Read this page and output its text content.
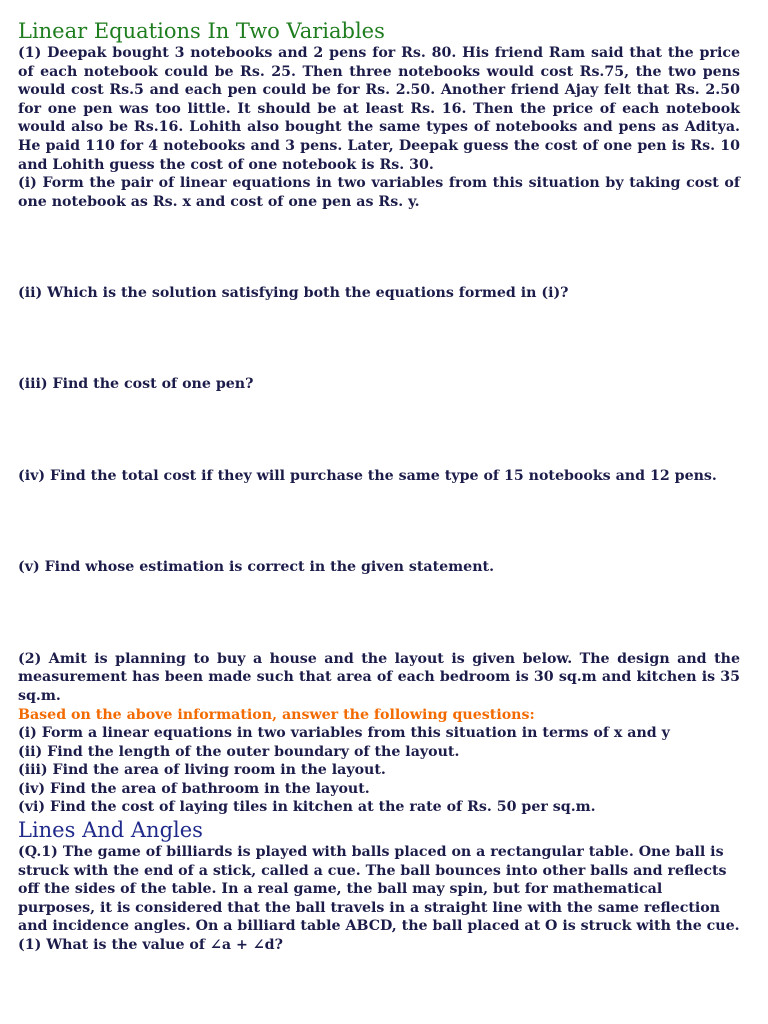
Linear Equations In Two Variables

(1) Deepak bought 3 notebooks and 2 pens for Rs. 80. His friend Ram said that the price of each notebook could be Rs. 25. Then three notebooks would cost Rs.75, the two pens would cost Rs.5 and each pen could be for Rs. 2.50. Another friend Ajay felt that Rs. 2.50 for one pen was too little. It should be at least Rs. 16. Then the price of each notebook would also be Rs.16. Lohith also bought the same types of notebooks and pens as Aditya. He paid 110 for 4 notebooks and 3 pens. Later, Deepak guess the cost of one pen is Rs. 10 and Lohith guess the cost of one notebook is Rs. 30.

(i) Form the pair of linear equations in two variables from this situation by taking cost of one notebook as Rs. x and cost of one pen as Rs. y.

(ii) Which is the solution satisfying both the equations formed in (i)?

(iii) Find the cost of one pen?

(iv) Find the total cost if they will purchase the same type of 15 notebooks and 12 pens.

(v) Find whose estimation is correct in the given statement.

(2) Amit is planning to buy a house and the layout is given below. The design and the measurement has been made such that area of each bedroom is 30 sq.m and kitchen is 35 sq.m.

Based on the above information, answer the following questions:

(i) Form a linear equations in two variables from this situation in terms of x and y

(ii) Find the length of the outer boundary of the layout.

(iii) Find the area of living room in the layout.

(iv) Find the area of bathroom in the layout.

(vi) Find the cost of laying tiles in kitchen at the rate of Rs. 50 per sq.m.

Lines And Angles

(Q.1) The game of billiards is played with balls placed on a rectangular table. One ball is struck with the end of a stick, called a cue. The ball bounces into other balls and reflects off the sides of the table. In a real game, the ball may spin, but for mathematical purposes, it is considered that the ball travels in a straight line with the same reflection and incidence angles. On a billiard table ABCD, the ball placed at O is struck with the cue.

(1) What is the value of ∠a + ∠d?
